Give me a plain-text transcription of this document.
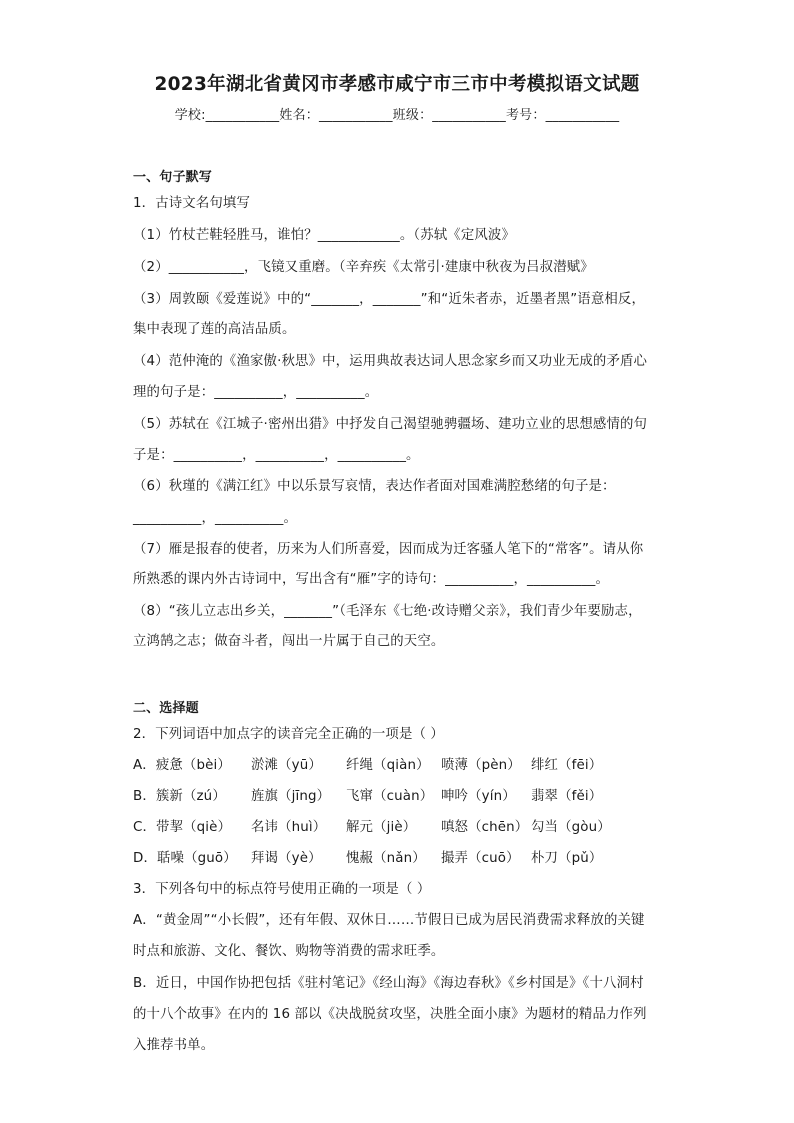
2023年湖北省黄冈市孝感市咸宁市三市中考模拟语文试题
学校:___________姓名：___________班级：___________考号：___________
一、句子默写
1．古诗文名句填写
（1）竹杖芒鞋轻胜马，谁怕？____________。（苏轼《定风波》
（2）___________，飞镜又重磨。（辛弃疾《太常引·建康中秋夜为吕叔潜赋》
（3）周敦颐《爱莲说》中的“_______，_______”和“近朱者赤，近墨者黑”语意相反，
集中表现了莲的高洁品质。
（4）范仲淹的《渔家傲·秋思》中，运用典故表达词人思念家乡而又功业无成的矛盾心
理的句子是：__________，__________。
（5）苏轼在《江城子·密州出猎》中抒发自己渴望驰骋疆场、建功立业的思想感情的句
子是：__________，__________，__________。
（6）秋瑾的《满江红》中以乐景写哀情，表达作者面对国难满腔愁绪的句子是：
__________，__________。
（7）雁是报春的使者，历来为人们所喜爱，因而成为迁客骚人笔下的“常客”。请从你
所熟悉的课内外古诗词中，写出含有“雁”字的诗句：__________，__________。
（8）“孩儿立志出乡关，_______”（毛泽东《七绝·改诗赠父亲》，我们青少年要励志，
立鸿鹄之志；做奋斗者，闯出一片属于自己的天空。
二、选择题
2．下列词语中加点字的读音完全正确的一项是（ ）
A．疲惫（bèi） 淤滩（yū） 纤绳（qiàn） 喷薄（pèn） 绯红（fēi）
B．簇新（zú） 旌旗（jīng） 飞窜（cuàn） 呻吟（yín） 翡翠（fěi）
C．带挈（qiè） 名讳（huì） 解元（jiè） 嗔怒（chēn） 勾当（gòu）
D．聒噪（guō） 拜谒（yè） 愧赧（nǎn） 撮弄（cuō） 朴刀（pǔ）
3．下列各句中的标点符号使用正确的一项是（ ）
A．“黄金周”“小长假”，还有年假、双休日……节假日已成为居民消费需求释放的关键
时点和旅游、文化、餐饮、购物等消费的需求旺季。
B．近日，中国作协把包括《驻村笔记》《经山海》《海边春秋》《乡村国是》《十八洞村
的十八个故事》在内的 16 部以《决战脱贫攻坚，决胜全面小康》为题材的精品力作列
入推荐书单。
